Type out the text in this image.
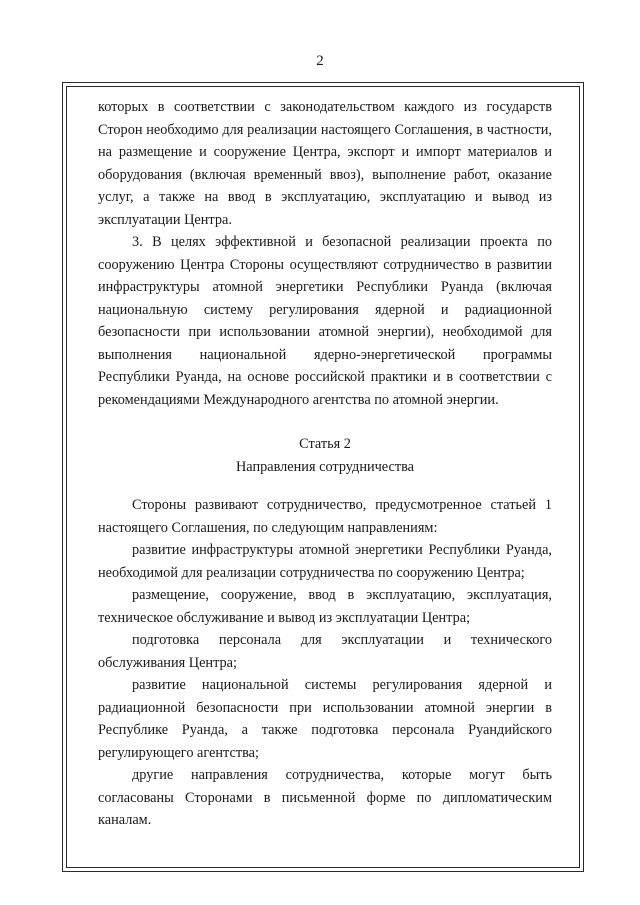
2

которых в соответствии с законодательством каждого из государств Сторон необходимо для реализации настоящего Соглашения, в частности, на размещение и сооружение Центра, экспорт и импорт материалов и оборудования (включая временный ввоз), выполнение работ, оказание услуг, а также на ввод в эксплуатацию, эксплуатацию и вывод из эксплуатации Центра.

3. В целях эффективной и безопасной реализации проекта по сооружению Центра Стороны осуществляют сотрудничество в развитии инфраструктуры атомной энергетики Республики Руанда (включая национальную систему регулирования ядерной и радиационной безопасности при использовании атомной энергии), необходимой для выполнения национальной ядерно-энергетической программы Республики Руанда, на основе российской практики и в соответствии с рекомендациями Международного агентства по атомной энергии.

Статья 2
Направления сотрудничества

Стороны развивают сотрудничество, предусмотренное статьей 1 настоящего Соглашения, по следующим направлениям:

развитие инфраструктуры атомной энергетики Республики Руанда, необходимой для реализации сотрудничества по сооружению Центра;

размещение, сооружение, ввод в эксплуатацию, эксплуатация, техническое обслуживание и вывод из эксплуатации Центра;

подготовка персонала для эксплуатации и технического обслуживания Центра;

развитие национальной системы регулирования ядерной и радиационной безопасности при использовании атомной энергии в Республике Руанда, а также подготовка персонала Руандийского регулирующего агентства;

другие направления сотрудничества, которые могут быть согласованы Сторонами в письменной форме по дипломатическим каналам.
